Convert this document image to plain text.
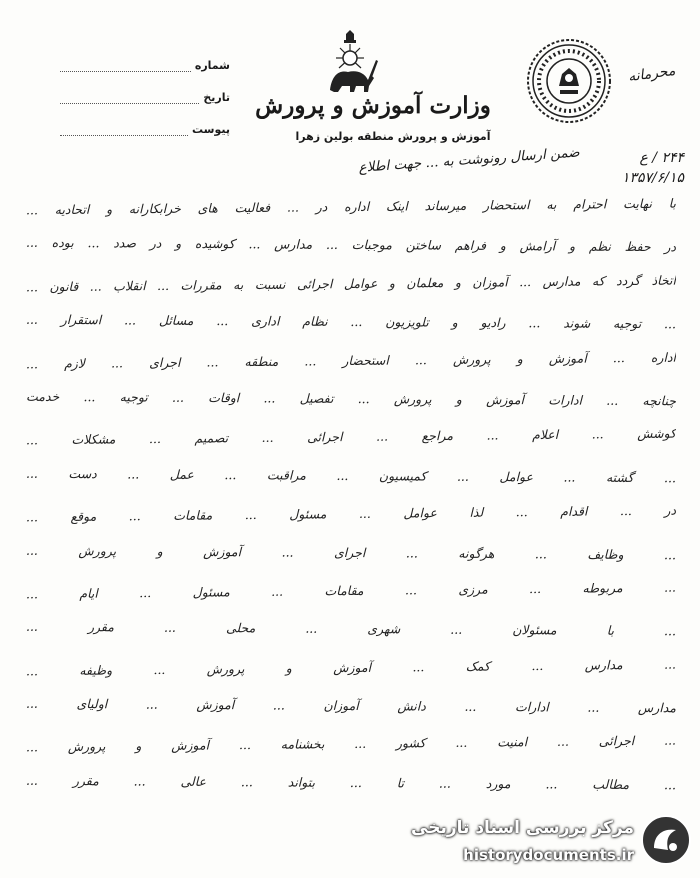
شماره
تاریخ
پیوست
محرمانه
وزارت آموزش و پرورش
آموزش و پرورش منطقه بولین زهرا
۲۴۴ / ع
۱۳۵۷/۶/۱۵
ضمن ارسال رونوشت به ... جهت اطلاع
با نهایت احترام به استحضار میرساند اینک اداره در ... فعالیت های خرابکارانه و اتحادیه ...
در حفظ نظم و آرامش و فراهم ساختن موجبات ... مدارس ... کوشیده و در صدد ... بوده ...
اتخاذ گردد که مدارس ... آموزان و معلمان و عوامل اجرائی نسبت به مقررات ... انقلاب ... قانون ...
... توجیه شوند ... رادیو و تلویزیون ... نظام اداری ... مسائل ... استقرار ...
اداره ... آموزش و پرورش ... استحضار ... منطقه ... اجرای ... لازم ...
چنانچه ... ادارات آموزش و پرورش ... تفصیل ... اوقات ... توجیه ... خدمت
کوشش ... اعلام ... مراجع ... اجرائی ... تصمیم ... مشکلات ...
... گشته ... عوامل ... کمیسیون ... مراقبت ... عمل ... دست ...
در ... اقدام ... لذا عوامل ... مسئول ... مقامات ... موقع ...
... وظایف ... هرگونه ... اجرای ... آموزش و پرورش ...
... مربوطه ... مرزی ... مقامات ... مسئول ... ایام ...
... با مسئولان ... شهری ... محلی ... مقرر ...
... مدارس ... کمک ... آموزش و پرورش ... وظیفه ...
مدارس ... ادارات ... دانش آموزان ... آموزش ... اولیای ...
... اجرائی ... امنیت ... کشور ... بخشنامه ... آموزش و پرورش ...
... مطالب ... مورد ... تا ... بتواند ... عالی ... مقرر ...
مرکز بررسی اسناد تاریخی
historydocuments.ir
